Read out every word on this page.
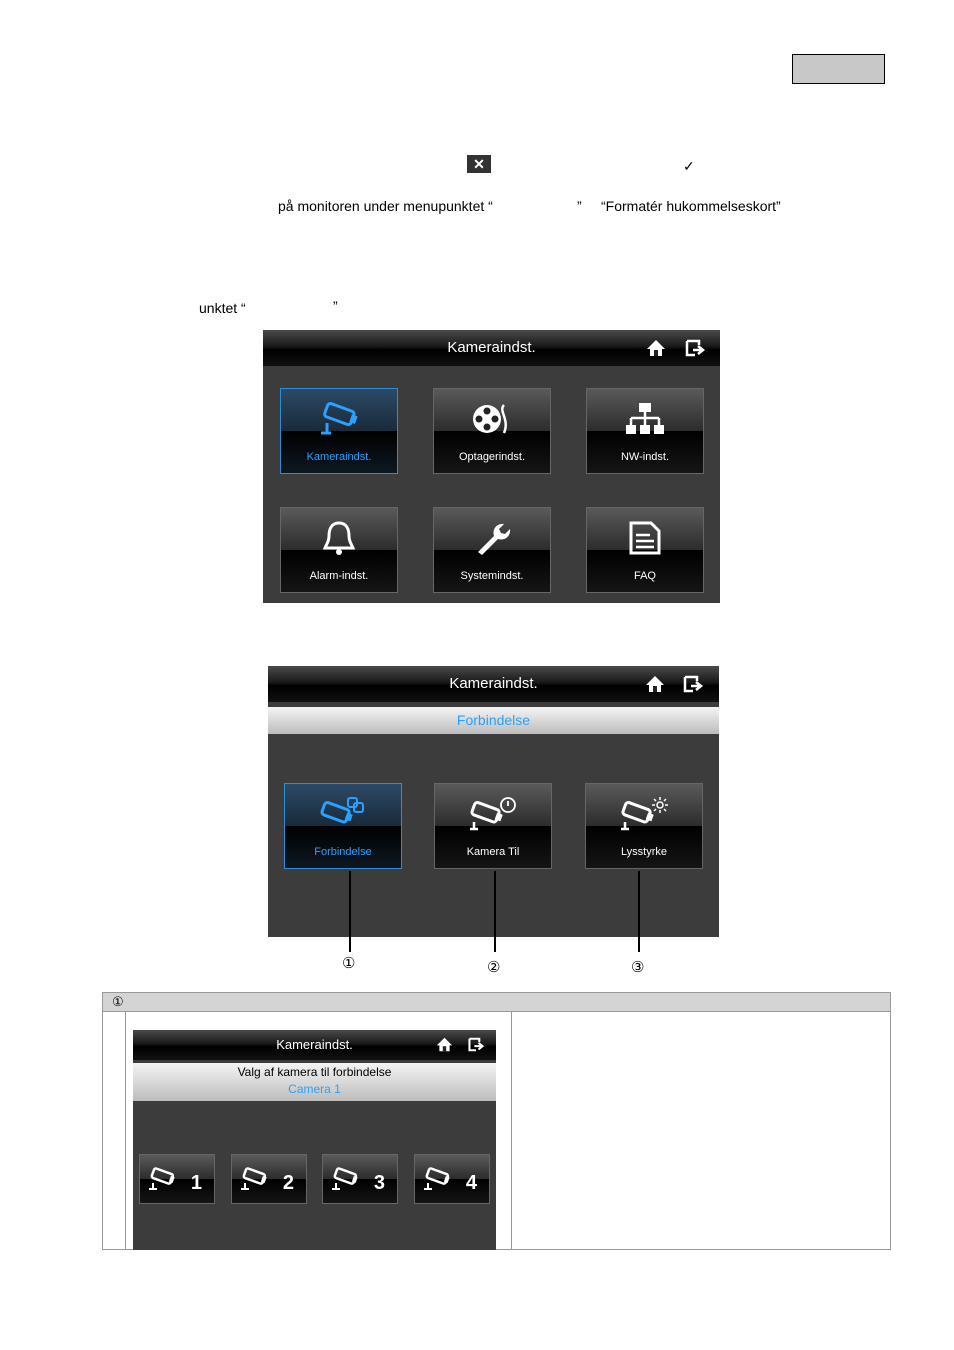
✕	✓
på monitoren under menupunktet “	” “Formatér hukommelseskort”
unktet “	”
Kameraindst.
Kameraindst.	Optagerindst.	NW-indst.
Alarm-indst.	Systemindst.	FAQ
Kameraindst.
Forbindelse
Forbindelse	Kamera Til	Lysstyrke
①	②	③
①
Kameraindst.
Valg af kamera til forbindelse
Camera 1
1	2	3	4
